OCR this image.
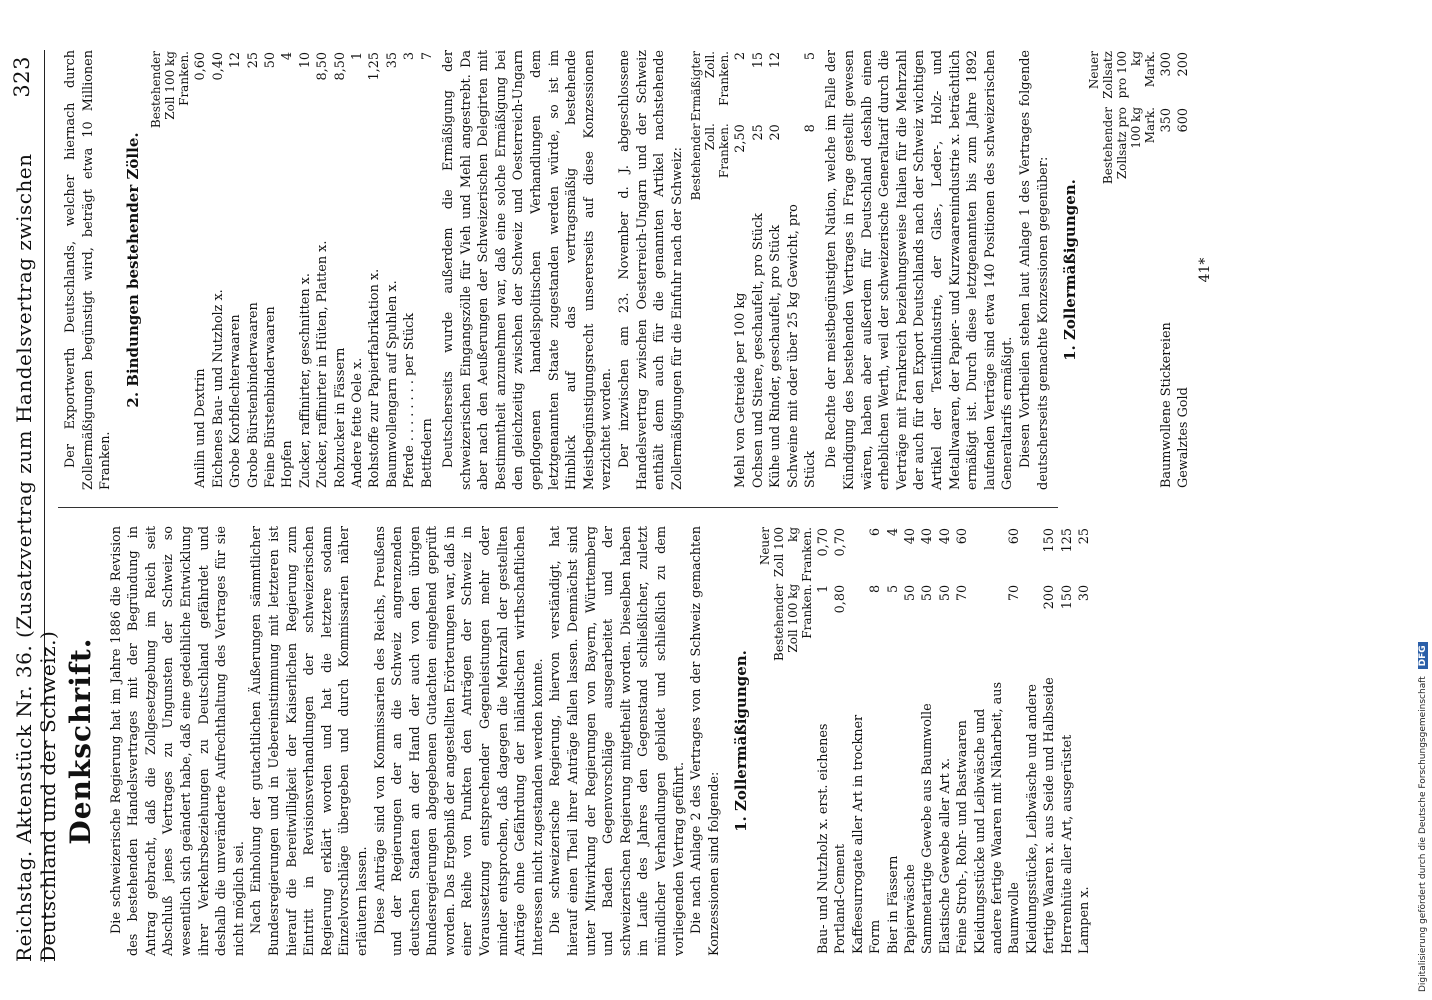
Reichstag. Aktenstück Nr. 36. (Zusatzvertrag zum Handelsvertrag zwischen Deutschland und der Schweiz.)
323
Denkschrift. Die schweizerische Regierung hat im Jahre 1886 die Revision des bestehenden Handelsvertrages mit der Begründung in Antrag gebracht, daß die Zollgesetzgebung im Reich seit Abschluß jenes Vertrages zu Ungunsten der Schweiz so wesentlich sich geändert habe, daß eine gedeihliche Entwicklung ihrer Verkehrsbeziehungen zu Deutschland gefährdet und deshalb die unveränderte Aufrechthaltung des Vertrages für sie nicht möglich sei. Nach Einholung der gutachtlichen Äußerungen sämmtlicher Bundesregierungen und in Uebereinstimmung mit letzteren ist hierauf die Bereitwilligkeit der Kaiserlichen Regierung zum Eintritt in Revisionsverhandlungen der schweizerischen Regierung erklärt worden und hat die letztere sodann Einzelvorschläge übergeben und durch Kommissarien näher erläutern lassen. Diese Anträge sind von Kommissarien des Reichs, Preußens und der Regierungen der an die Schweiz angrenzenden deutschen Staaten an der Hand der auch von den übrigen Bundesregierungen abgegebenen Gutachten eingehend geprüft worden. Das Ergebniß der angestellten Erörterungen war, daß in einer Reihe von Punkten den Anträgen der Schweiz in Voraussetzung entsprechender Gegenleistungen mehr oder minder entsprochen, daß dagegen die Mehrzahl der gestellten Anträge ohne Gefährdung der inländischen wirthschaftlichen Interessen nicht zugestanden werden konnte. Die schweizerische Regierung, hiervon verständigt, hat hierauf einen Theil ihrer Anträge fallen lassen. Demnächst sind unter Mitwirkung der Regierungen von Bayern, Württemberg und Baden Gegenvorschläge ausgearbeitet und der schweizerischen Regierung mitgetheilt worden. Dieselben haben im Laufe des Jahres den Gegenstand schließlicher, zuletzt mündlicher Verhandlungen gebildet und schließlich zu dem vorliegenden Vertrag geführt. Die nach Anlage 2 des Vertrages von der Schweiz gemachten Konzessionen sind folgende:

1. Zollermäßigungen.
	Bestehender Zoll 100 kg Franken.	Neuer Zoll 100 kg Franken.
Bau- und Nutzholz x. erst. eichenes	1	0,70
Portland-Cement	0,80	0,70
Kaffeesurrogate aller Art in trockner		
Form	8	6
Bier in Fässern	5	4
Papierwäsche	50	40
Sammetartige Gewebe aus Baumwolle	50	40
Elastische Gewebe aller Art x.	50	40
Feine Stroh-, Rohr- und Bastwaaren	70	60
Kleidungsstücke und Leibwäsche und andere fertige Waaren mit Näharbeit, aus Baumwolle	70	60
Kleidungsstücke, Leibwäsche und andere fertige Waaren x. aus Seide und Halbseide	200	150
Herrenhüte aller Art, ausgerüstet	150	125
Lampen x.	30	25

Der Exportwerth Deutschlands, welcher hiernach durch Zollermäßigungen begünstigt wird, beträgt etwa 10 Millionen Franken.

2. Bindungen bestehender Zölle.
	Bestehender Zoll 100 kg Franken.
Anilin und Dextrin	0,60
Eichenes Bau- und Nutzholz x.	0,40
Grobe Korbflechterwaaren	12
Grobe Bürstenbinderwaaren	25
Feine Bürstenbinderwaaren	50
Hopfen	4
Zucker, raffinirter, geschnitten x.	10
Zucker, raffinirter in Hüten, Platten x.	8,50
Rohzucker in Fässern	8,50
Andere fette Oele x.	1
Rohstoffe zur Papierfabrikation x.	1,25
Baumwollengarn auf Spuhlen x.	35
Pferde . . . . . . . . per Stück	3
Bettfedern	7 Deutscherseits wurde außerdem die Ermäßigung der schweizerischen Eingangszölle für Vieh und Mehl angestrebt. Da aber nach den Aeußerungen der Schweizerischen Delegirten mit Bestimmtheit anzunehmen war, daß eine solche Ermäßigung bei den gleichzeitig zwischen der Schweiz und Oesterreich-Ungarn gepflogenen handelspolitischen Verhandlungen dem letztgenannten Staate zugestanden werden würde, so ist im Hinblick auf das vertragsmäßig bestehende Meistbegünstigungsrecht unsererseits auf diese Konzessionen verzichtet worden. Der inzwischen am 23. November d. J. abgeschlossene Handelsvertrag zwischen Oesterreich-Ungarn und der Schweiz enthält denn auch für die genannten Artikel nachstehende Zollermäßigungen für die Einfuhr nach der Schweiz:

	Bestehender Zoll. Franken.	Ermäßigter Zoll. Franken.
Mehl von Getreide per 100 kg	2,50	2
Ochsen und Stiere, geschaufelt, pro Stück	25	15
Kühe und Rinder, geschaufelt, pro Stück	20	12
Schweine mit oder über 25 kg Gewicht, pro Stück	8	5 Die Rechte der meistbegünstigten Nation, welche im Falle der Kündigung des bestehenden Vertrages in Frage gestellt gewesen wären, haben aber außerdem für Deutschland deshalb einen erheblichen Werth, weil der schweizerische Generaltarif durch die Verträge mit Frankreich beziehungsweise Italien für die Mehrzahl der auch für den Export Deutschlands nach der Schweiz wichtigen Artikel der Textilindustrie, der Glas-, Leder-, Holz- und Metallwaaren, der Papier- und Kurzwaarenindustrie x. beträchtlich ermäßigt ist. Durch diese letztgenannten bis zum Jahre 1892 laufenden Verträge sind etwa 140 Positionen des schweizerischen Generaltarifs ermäßigt. Diesen Vortheilen stehen laut Anlage 1 des Vertrages folgende deutscherseits gemachte Konzessionen gegenüber: 1. Zollermäßigungen.
	Bestehender Zollsatz pro 100 kg Mark.	Neuer Zollsatz pro 100 kg Mark.
Baumwollene Stickereien	350	300
Gewalztes Gold	600	200
41*
Digitalisierung gefördert durch die Deutsche Forschungsgemeinschaft DFG
